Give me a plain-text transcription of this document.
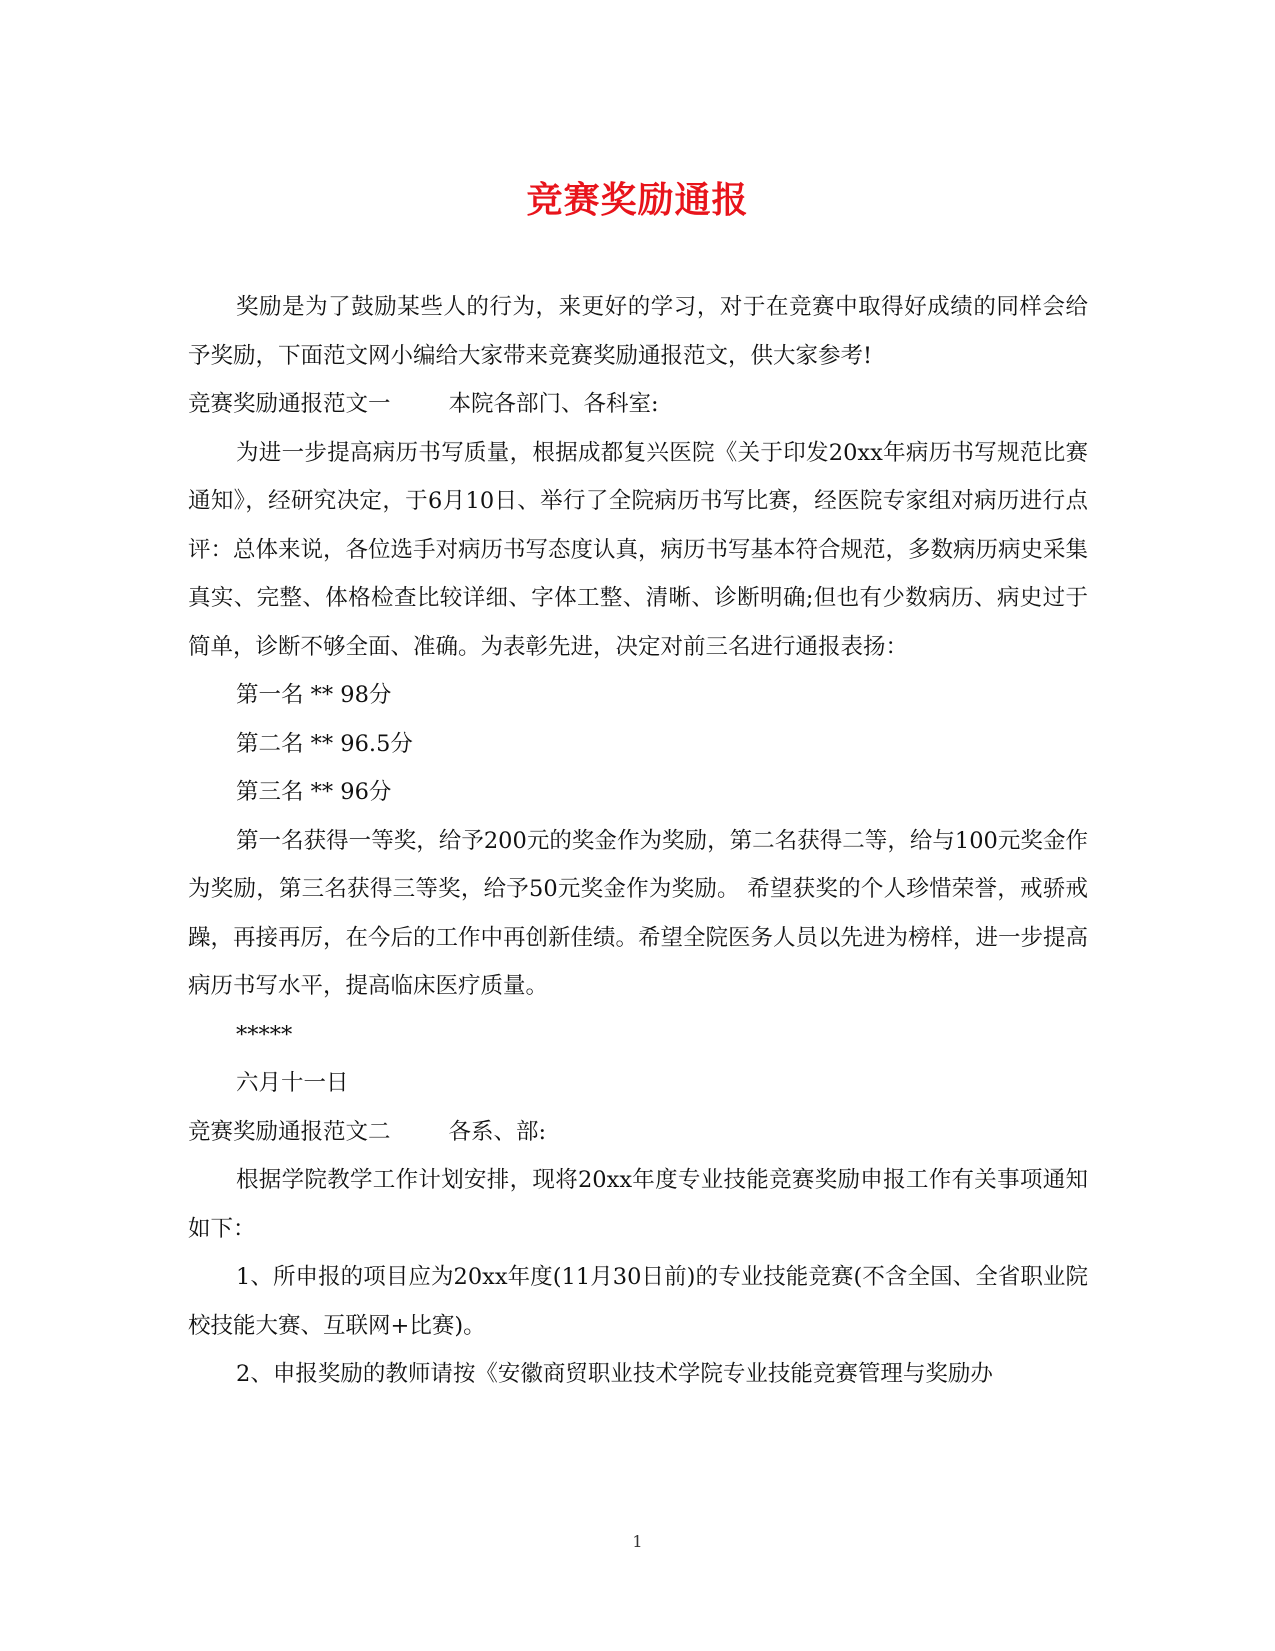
竞赛奖励通报

奖励是为了鼓励某些人的行为，来更好的学习，对于在竞赛中取得好成绩的同样会给予奖励，下面范文网小编给大家带来竞赛奖励通报范文，供大家参考!

竞赛奖励通报范文一	本院各部门、各科室:

为进一步提高病历书写质量，根据成都复兴医院《关于印发20xx年病历书写规范比赛通知》，经研究决定，于6月10日、举行了全院病历书写比赛，经医院专家组对病历进行点评：总体来说，各位选手对病历书写态度认真，病历书写基本符合规范，多数病历病史采集真实、完整、体格检查比较详细、字体工整、清晰、诊断明确;但也有少数病历、病史过于简单，诊断不够全面、准确。为表彰先进，决定对前三名进行通报表扬：

第一名 ** 98分

第二名 ** 96.5分

第三名 ** 96分

第一名获得一等奖，给予200元的奖金作为奖励，第二名获得二等，给与100元奖金作为奖励，第三名获得三等奖，给予50元奖金作为奖励。 希望获奖的个人珍惜荣誉，戒骄戒躁，再接再厉，在今后的工作中再创新佳绩。希望全院医务人员以先进为榜样，进一步提高病历书写水平，提高临床医疗质量。

*****

六月十一日

竞赛奖励通报范文二	各系、部:

根据学院教学工作计划安排，现将20xx年度专业技能竞赛奖励申报工作有关事项通知如下：

1、所申报的项目应为20xx年度(11月30日前)的专业技能竞赛(不含全国、全省职业院校技能大赛、互联网+比赛)。

2、申报奖励的教师请按《安徽商贸职业技术学院专业技能竞赛管理与奖励办

1
